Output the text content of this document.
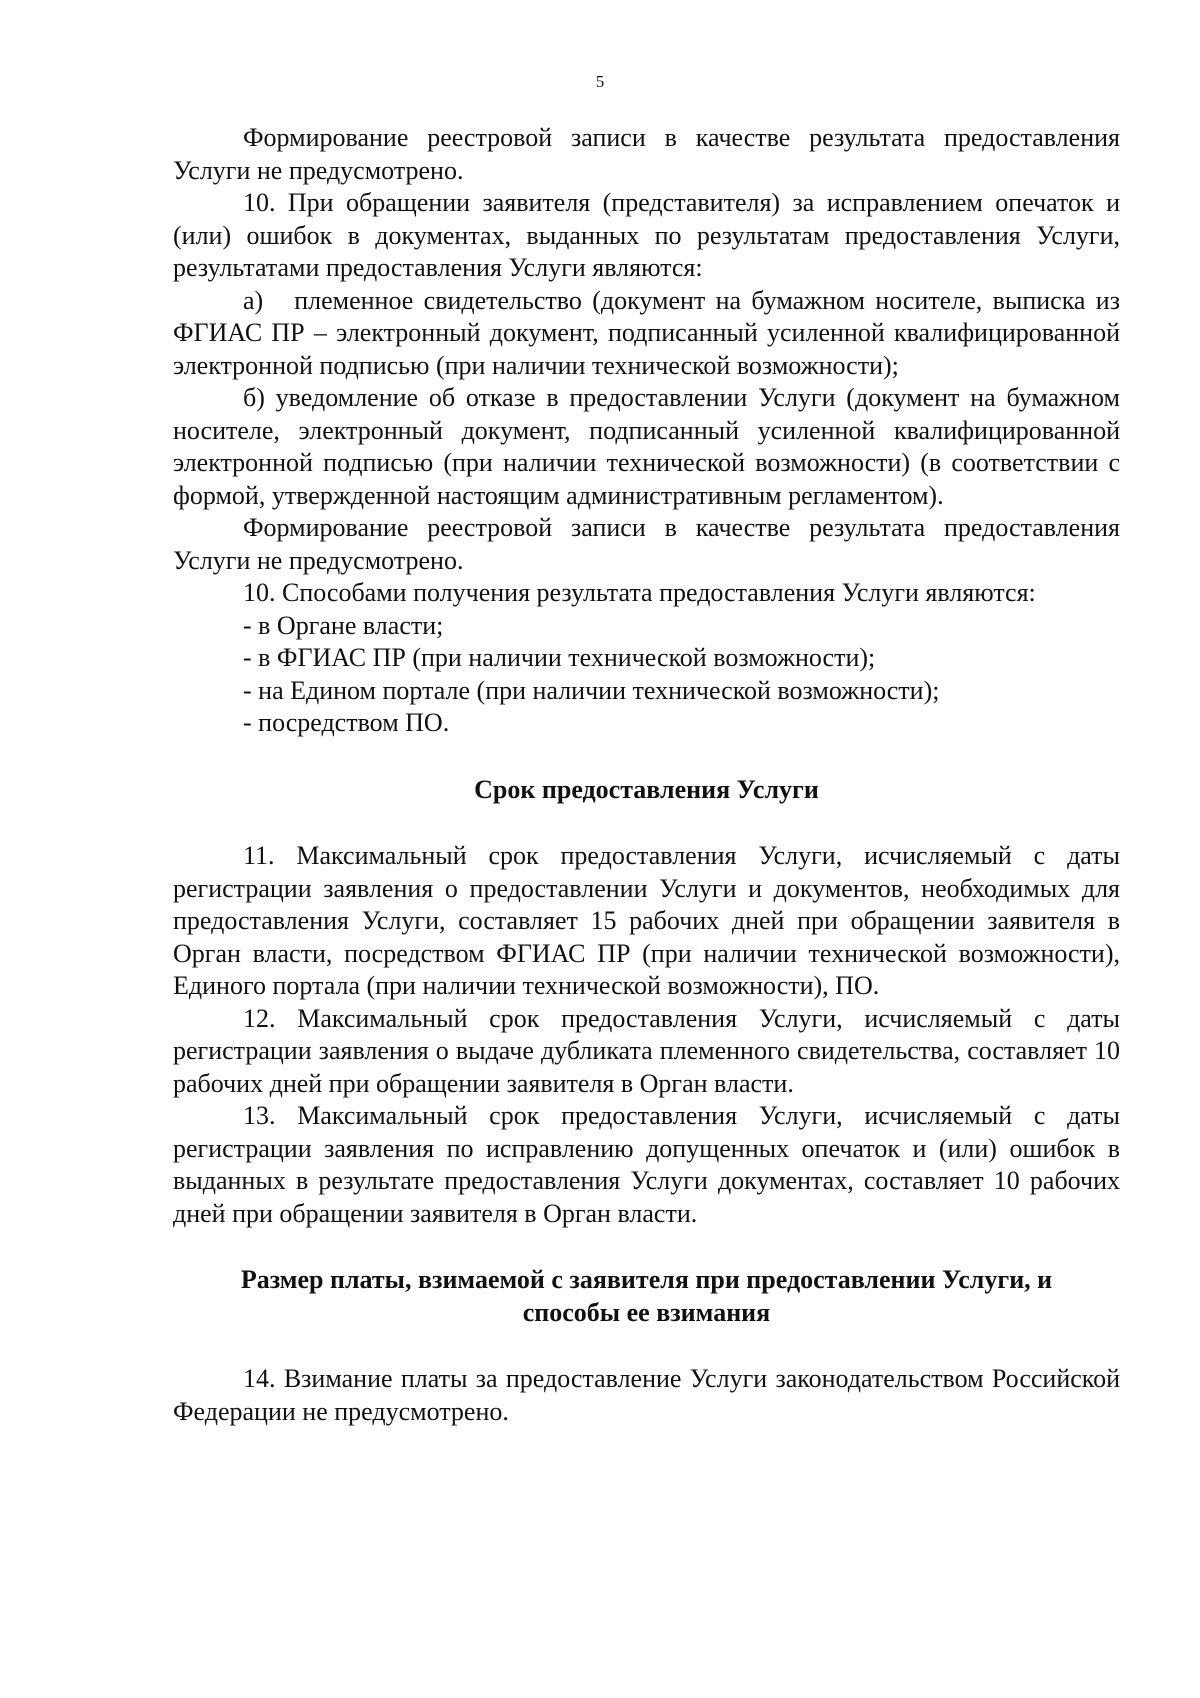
5

Формирование реестровой записи в качестве результата предоставления Услуги не предусмотрено.

10. При обращении заявителя (представителя) за исправлением опечаток и (или) ошибок в документах, выданных по результатам предоставления Услуги, результатами предоставления Услуги являются:

а)   племенное свидетельство (документ на бумажном носителе, выписка из ФГИАС ПР – электронный документ, подписанный усиленной квалифицированной электронной подписью (при наличии технической возможности);

б) уведомление об отказе в предоставлении Услуги (документ на бумажном носителе, электронный документ, подписанный усиленной квалифицированной электронной подписью (при наличии технической возможности) (в соответствии с формой, утвержденной настоящим административным регламентом).

Формирование реестровой записи в качестве результата предоставления Услуги не предусмотрено.

10. Способами получения результата предоставления Услуги являются:

- в Органе власти;
- в ФГИАС ПР (при наличии технической возможности);
- на Едином портале (при наличии технической возможности);
- посредством ПО.
Срок предоставления Услуги

11. Максимальный срок предоставления Услуги, исчисляемый с даты регистрации заявления о предоставлении Услуги и документов, необходимых для предоставления Услуги, составляет 15 рабочих дней при обращении заявителя в Орган власти, посредством ФГИАС ПР (при наличии технической возможности), Единого портала (при наличии технической возможности), ПО.

12. Максимальный срок предоставления Услуги, исчисляемый с даты регистрации заявления о выдаче дубликата племенного свидетельства, составляет 10 рабочих дней при обращении заявителя в Орган власти.

13. Максимальный срок предоставления Услуги, исчисляемый с даты регистрации заявления по исправлению допущенных опечаток и (или) ошибок в выданных в результате предоставления Услуги документах, составляет 10 рабочих дней при обращении заявителя в Орган власти.

Размер платы, взимаемой с заявителя при предоставлении Услуги, и
способы ее взимания

14. Взимание платы за предоставление Услуги законодательством Российской Федерации не предусмотрено.
